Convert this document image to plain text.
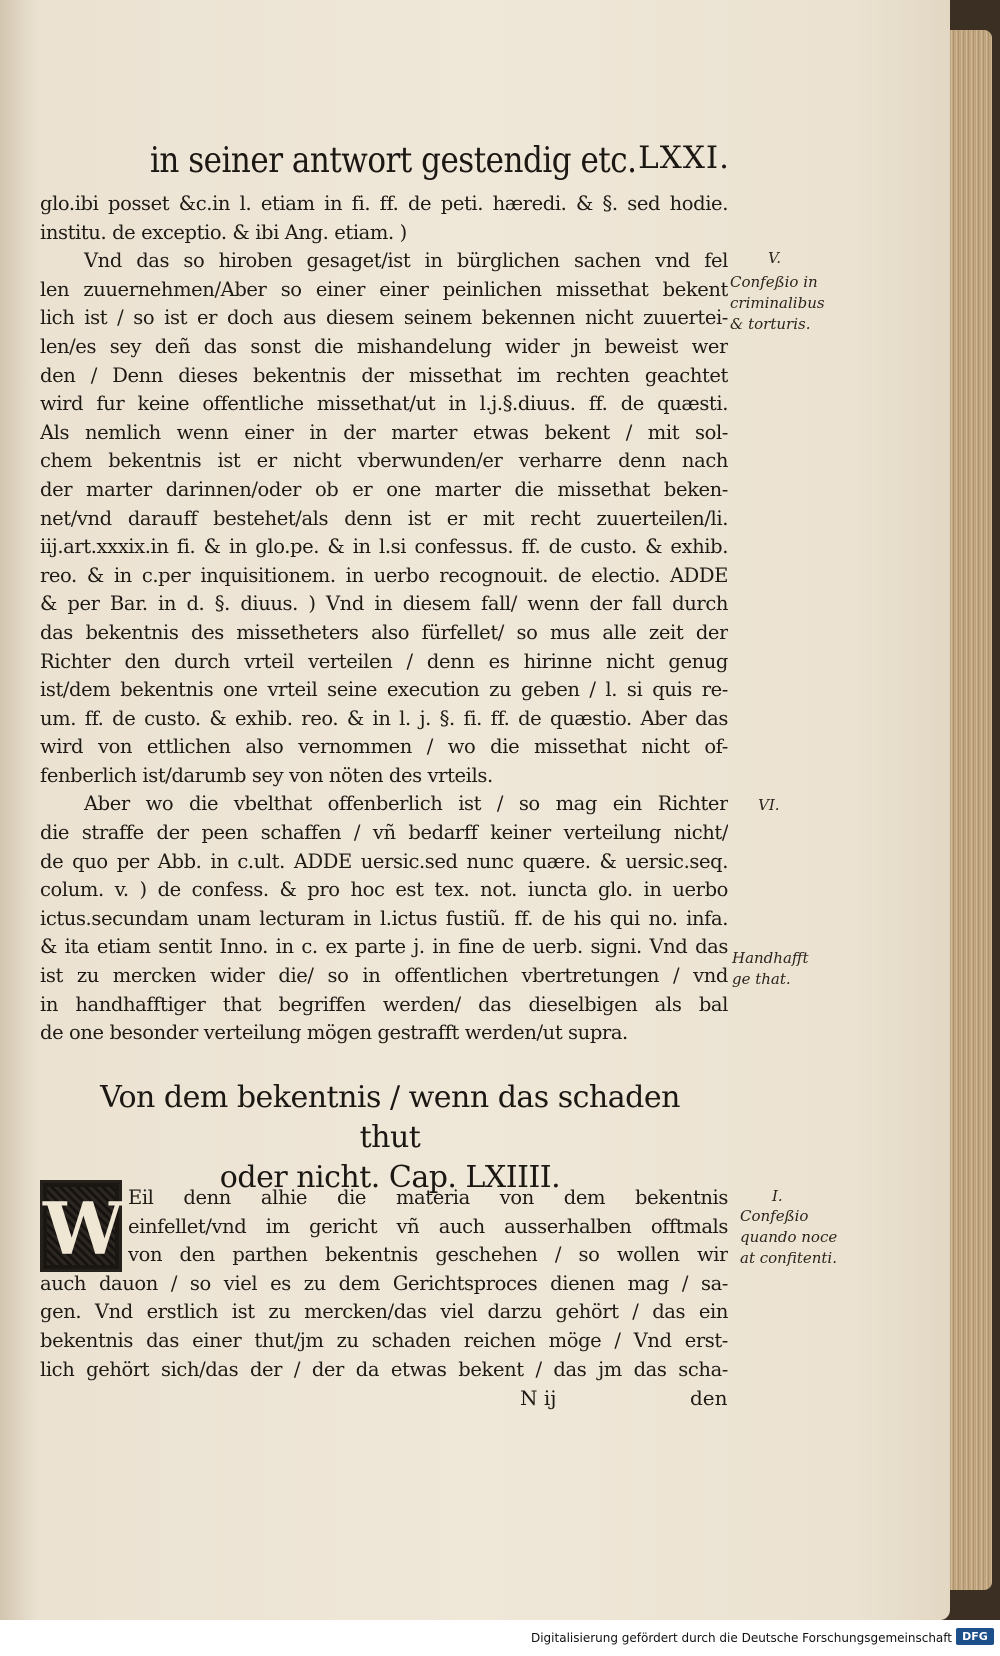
in seiner antwort gestendig etc. LXXI.
glo.ibi posset &c.in l. etiam in fi. ff. de peti. hæredi. & §. sed hodie.
institu. de exceptio. & ibi Ang. etiam. )
Vnd das so hiroben gesaget/ist in bürglichen sachen vnd fel
len zuuernehmen/Aber so einer einer peinlichen missethat bekent
lich ist / so ist er doch aus diesem seinem bekennen nicht zuuertei-
len/es sey deñ das sonst die mishandelung wider jn beweist wer
den / Denn dieses bekentnis der missethat im rechten geachtet
wird fur keine offentliche missethat/ut in l.j.§.diuus. ff. de quæsti.
Als nemlich wenn einer in der marter etwas bekent / mit sol-
chem bekentnis ist er nicht vberwunden/er verharre denn nach
der marter darinnen/oder ob er one marter die missethat beken-
net/vnd darauff bestehet/als denn ist er mit recht zuuerteilen/li.
iij.art.xxxix.in fi. & in glo.pe. & in l.si confessus. ff. de custo. & exhib.
reo. & in c.per inquisitionem. in uerbo recognouit. de electio. ADDE
& per Bar. in d. §. diuus. ) Vnd in diesem fall/ wenn der fall durch
das bekentnis des missetheters also fürfellet/ so mus alle zeit der
Richter den durch vrteil verteilen / denn es hirinne nicht genug
ist/dem bekentnis one vrteil seine execution zu geben / l. si quis re-
um. ff. de custo. & exhib. reo. & in l. j. §. fi. ff. de quæstio. Aber das
wird von ettlichen also vernommen / wo die missethat nicht of-
fenberlich ist/darumb sey von nöten des vrteils.
Aber wo die vbelthat offenberlich ist / so mag ein Richter
die straffe der peen schaffen / vñ bedarff keiner verteilung nicht/
de quo per Abb. in c.ult. ADDE uersic.sed nunc quære. & uersic.seq.
colum. v. ) de confess. & pro hoc est tex. not. iuncta glo. in uerbo
ictus.secundam unam lecturam in l.ictus fustiũ. ff. de his qui no. infa.
& ita etiam sentit Inno. in c. ex parte j. in fine de uerb. signi. Vnd das
ist zu mercken wider die/ so in offentlichen vbertretungen / vnd
in handhafftiger that begriffen werden/ das dieselbigen als bal
de one besonder verteilung mögen gestrafft werden/ut supra.
Von dem bekentnis / wenn das schaden thut
oder nicht. Cap. LXIIII.
W Eil denn alhie die materia von dem bekentnis
einfellet/vnd im gericht vñ auch ausserhalben offtmals
von den parthen bekentnis geschehen / so wollen wir
auch dauon / so viel es zu dem Gerichtsproces dienen mag / sa-
gen. Vnd erstlich ist zu mercken/das viel darzu gehört / das ein
bekentnis das einer thut/jm zu schaden reichen möge / Vnd erst-
lich gehört sich/das der / der da etwas bekent / das jm das scha-
N ij	den
V.
Confeßio in
criminalibus
& torturis.
VI.
Handhafft
ge that.
I.
Confeßio
quando noce
at confitenti.
Digitalisierung gefördert durch die Deutsche Forschungsgemeinschaft DFG
